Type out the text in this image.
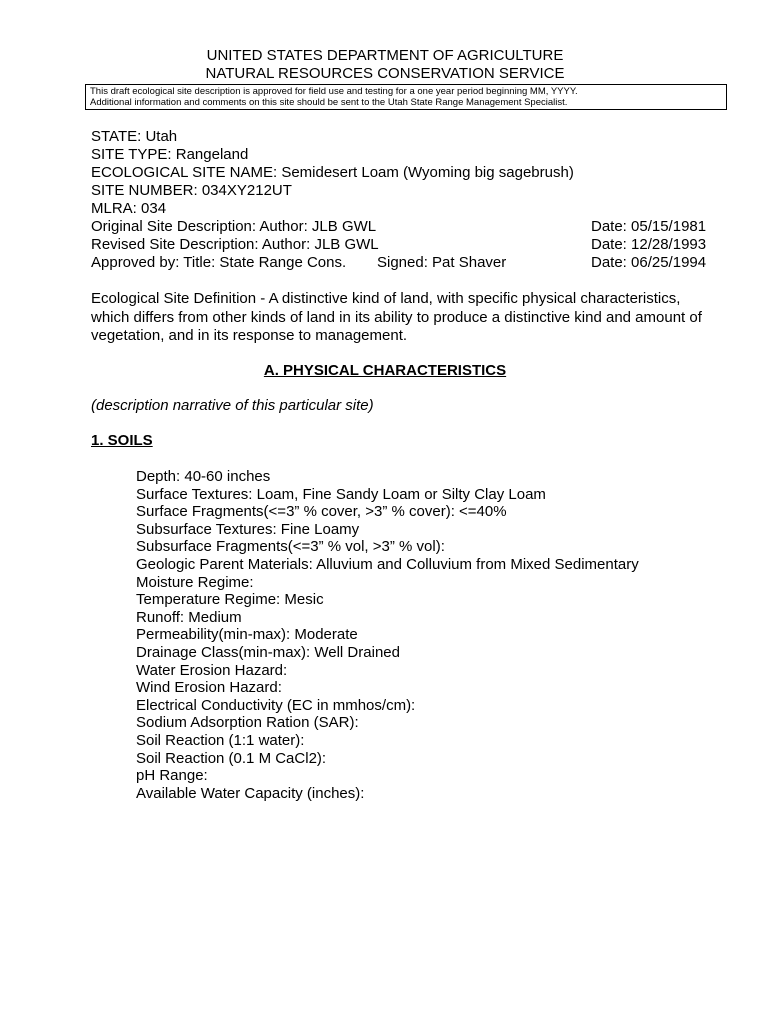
UNITED STATES DEPARTMENT OF AGRICULTURE
NATURAL RESOURCES CONSERVATION SERVICE
This draft ecological site description is approved for field use and testing for a one year period beginning MM, YYYY.
Additional information and comments on this site should be sent to the Utah State Range Management Specialist.
STATE: Utah
SITE TYPE: Rangeland
ECOLOGICAL SITE NAME: Semidesert Loam (Wyoming big sagebrush)
SITE NUMBER: 034XY212UT
MLRA: 034
Original Site Description: Author: JLB GWL	Date: 05/15/1981
Revised Site Description: Author: JLB GWL	Date: 12/28/1993
Approved by: Title: State Range Cons. Signed: Pat Shaver	Date: 06/25/1994
Ecological Site Definition - A distinctive kind of land, with specific physical characteristics,
which differs from other kinds of land in its ability to produce a distinctive kind and amount of
vegetation, and in its response to management.
A. PHYSICAL CHARACTERISTICS
(description narrative of this particular site)
1. SOILS
Depth: 40-60 inches
Surface Textures: Loam, Fine Sandy Loam or Silty Clay Loam
Surface Fragments(<=3” % cover, >3” % cover): <=40%
Subsurface Textures: Fine Loamy
Subsurface Fragments(<=3” % vol, >3” % vol):
Geologic Parent Materials: Alluvium and Colluvium from Mixed Sedimentary
Moisture Regime:
Temperature Regime: Mesic
Runoff: Medium
Permeability(min-max): Moderate
Drainage Class(min-max): Well Drained
Water Erosion Hazard:
Wind Erosion Hazard:
Electrical Conductivity (EC in mmhos/cm):
Sodium Adsorption Ration (SAR):
Soil Reaction (1:1 water):
Soil Reaction (0.1 M CaCl2):
pH Range:
Available Water Capacity (inches):
